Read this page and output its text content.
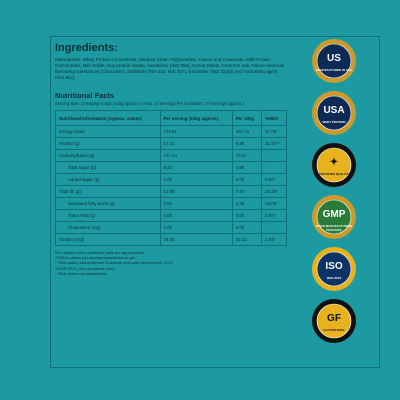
Ingredients:
Maltodextrin, Whey Protein Concentrate, Medium Chain Triglycerides, Casein and Caseinate, Milk Protein Concentrate, Milk Solids, Soy protein isolate, sweetener (INS 955), Cocoa Solids, Common salt, Nature Identical flavouring substances (Chocolate), Stabilizer (INS 415, INS 407), Emulsifier (INS 322(i)) and Anticaking agent (INS 551)
Nutritional Facts
Serving Size: 3 heaping scoop (102g approx.) | 8 No. of Servings Per Container: 27 servings (approx.)
Nutritional Information (Approx. values)	Per serving (102g approx.)	Per 100g	%RDA
Energy (kcal)	743.91	407.10	37.05*
Protein (g)	17.21	9.46	31.87**
Carbohydrates (g)	137.44	75.57	-
Total sugar (g)	8.40	4.66	-
Added sugar (g)	0.00	0.00	0.00*
Total fat (g)	13.59	7.47	20.28*
Saturated fatty acids (g)	2.51	1.38	13.05*
Trans Fats (g)	0.00	0.00	0.00*
Cholesterol (mg)	0.00	0.00	-
Sodium (mg)	78.60	43.23	3.93*
RDI values under nutritional facts are approximate
*%RDA values per serving established as per
**Total safety and treatment Guideline and daily dependence (ICC)
*ICMR 2020, Men-moderate work
- RDA values not established.
US
MANUFACTURED IN USA
USA
WHEY PROTEIN
✦
CERTIFIED QUALITY
GMP
GOOD MANUFACTURING PRACTICE
ISO
9001:2015
GF
GLUTEN FREE
